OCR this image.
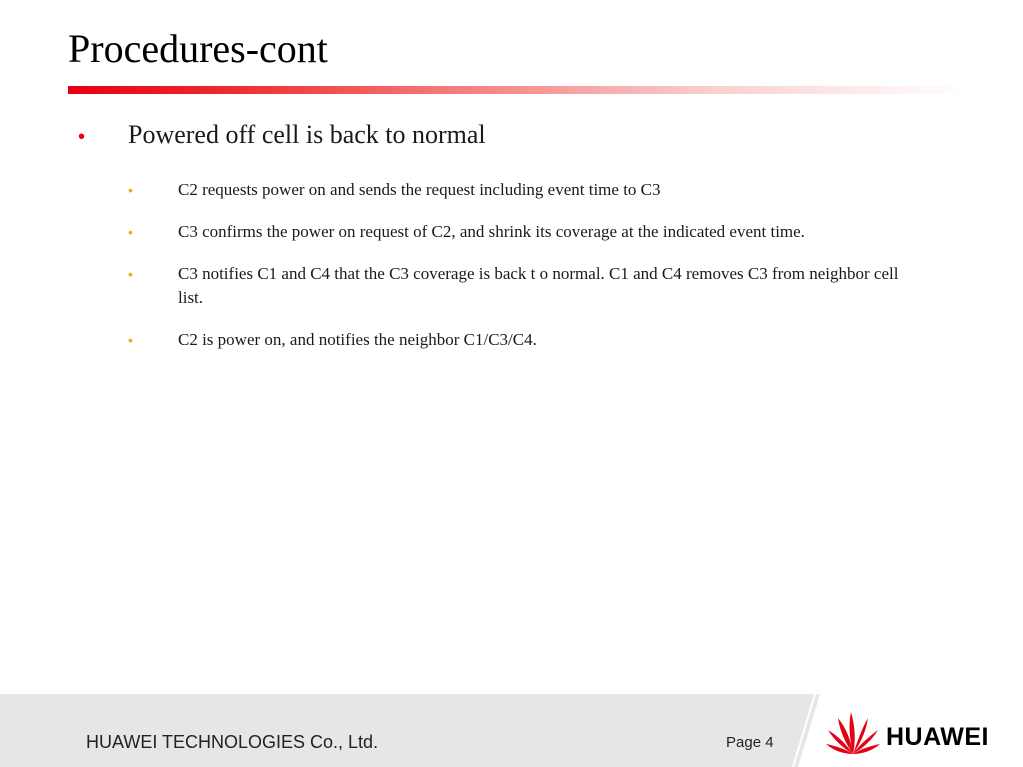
Procedures-cont
• Powered off cell is back to normal
•	C2 requests power on and sends the request including event time to C3
•	C3 confirms the power on request of C2, and shrink its coverage at the indicated event time.
•	C3 notifies C1 and C4 that the C3 coverage is back t o normal. C1 and C4 removes C3 from neighbor cell list.
•	C2 is power on, and notifies the neighbor C1/C3/C4.
HUAWEI TECHNOLOGIES Co., Ltd.	Page 4	HUAWEI
